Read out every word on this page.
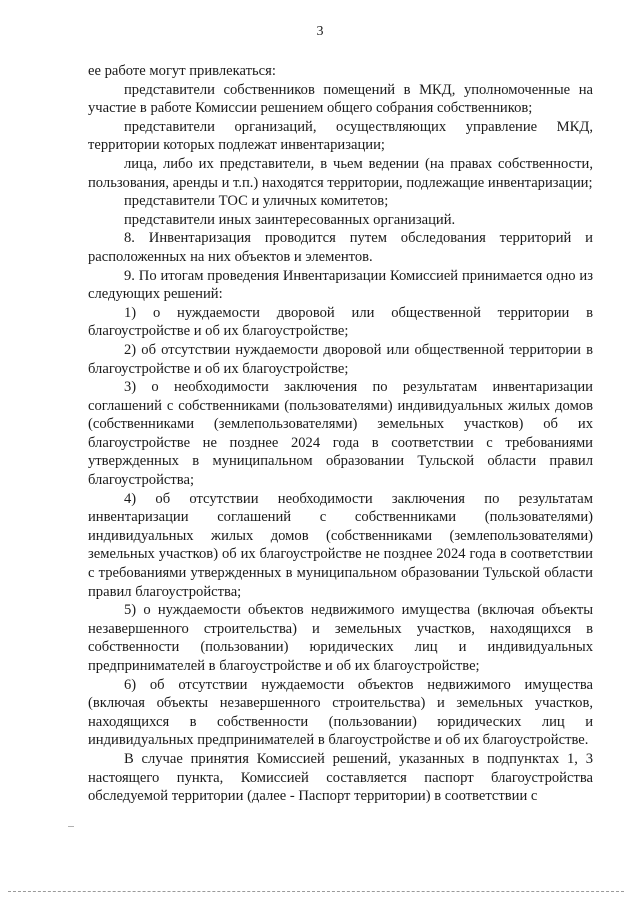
3

ее работе могут привлекаться:

представители собственников помещений в МКД, уполномоченные на участие в работе Комиссии решением общего собрания собственников;

представители организаций, осуществляющих управление МКД, территории которых подлежат инвентаризации;

лица, либо их представители, в чьем ведении (на правах собственности, пользования, аренды и т.п.) находятся территории, подлежащие инвентаризации;

представители ТОС и уличных комитетов;

представители иных заинтересованных организаций.

8. Инвентаризация проводится путем обследования территорий и расположенных на них объектов и элементов.

9. По итогам проведения Инвентаризации Комиссией принимается одно из следующих решений:

1) о нуждаемости дворовой или общественной территории в благоустройстве и об их благоустройстве;

2) об отсутствии нуждаемости дворовой или общественной территории в благоустройстве и об их благоустройстве;

3) о необходимости заключения по результатам инвентаризации соглашений с собственниками (пользователями) индивидуальных жилых домов (собственниками (землепользователями) земельных участков) об их благоустройстве не позднее 2024 года в соответствии с требованиями утвержденных в муниципальном образовании Тульской области правил благоустройства;

4) об отсутствии необходимости заключения по результатам инвентаризации соглашений с собственниками (пользователями) индивидуальных жилых домов (собственниками (землепользователями) земельных участков) об их благоустройстве не позднее 2024 года в соответствии с требованиями утвержденных в муниципальном образовании Тульской области правил благоустройства;

5) о нуждаемости объектов недвижимого имущества (включая объекты незавершенного строительства) и земельных участков, находящихся в собственности (пользовании) юридических лиц и индивидуальных предпринимателей в благоустройстве и об их благоустройстве;

6) об отсутствии нуждаемости объектов недвижимого имущества (включая объекты незавершенного строительства) и земельных участков, находящихся в собственности (пользовании) юридических лиц и индивидуальных предпринимателей в благоустройстве и об их благоустройстве.

В случае принятия Комиссией решений, указанных в подпунктах 1, 3 настоящего пункта, Комиссией составляется паспорт благоустройства обследуемой территории (далее - Паспорт территории) в соответствии с
